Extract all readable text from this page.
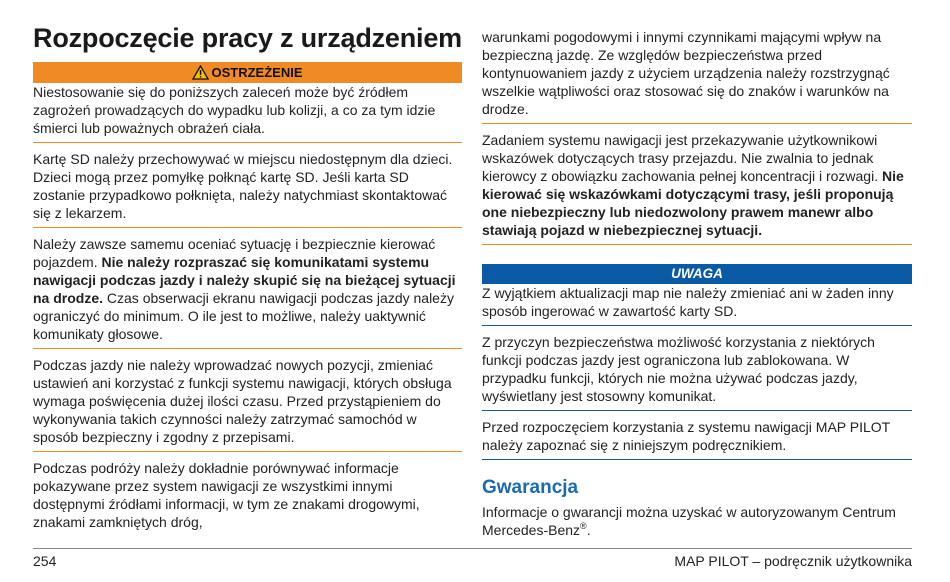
Rozpoczęcie pracy z urządzeniem
OSTRZEŻENIE

Niestosowanie się do poniższych zaleceń może być źródłem zagrożeń prowadzących do wypadku lub kolizji, a co za tym idzie śmierci lub poważnych obrażeń ciała.

Kartę SD należy przechowywać w miejscu niedostępnym dla dzieci. Dzieci mogą przez pomyłkę połknąć kartę SD. Jeśli karta SD zostanie przypadkowo połknięta, należy natychmiast skontaktować się z lekarzem.

Należy zawsze samemu oceniać sytuację i bezpiecznie kierować pojazdem. Nie należy rozpraszać się komunikatami systemu nawigacji podczas jazdy i należy skupić się na bieżącej sytuacji na drodze. Czas obserwacji ekranu nawigacji podczas jazdy należy ograniczyć do minimum. O ile jest to możliwe, należy uaktywnić komunikaty głosowe.

Podczas jazdy nie należy wprowadzać nowych pozycji, zmieniać ustawień ani korzystać z funkcji systemu nawigacji, których obsługa wymaga poświęcenia dużej ilości czasu. Przed przystąpieniem do wykonywania takich czynności należy zatrzymać samochód w sposób bezpieczny i zgodny z przepisami.

Podczas podróży należy dokładnie porównywać informacje pokazywane przez system nawigacji ze wszystkimi innymi dostępnymi źródłami informacji, w tym ze znakami drogowymi, znakami zamkniętych dróg,

warunkami pogodowymi i innymi czynnikami mającymi wpływ na bezpieczną jazdę. Ze względów bezpieczeństwa przed kontynuowaniem jazdy z użyciem urządzenia należy rozstrzygnąć wszelkie wątpliwości oraz stosować się do znaków i warunków na drodze.

Zadaniem systemu nawigacji jest przekazywanie użytkownikowi wskazówek dotyczących trasy przejazdu. Nie zwalnia to jednak kierowcy z obowiązku zachowania pełnej koncentracji i rozwagi. Nie kierować się wskazówkami dotyczącymi trasy, jeśli proponują one niebezpieczny lub niedozwolony prawem manewr albo stawiają pojazd w niebezpiecznej sytuacji.

UWAGA

Z wyjątkiem aktualizacji map nie należy zmieniać ani w żaden inny sposób ingerować w zawartość karty SD.

Z przyczyn bezpieczeństwa możliwość korzystania z niektórych funkcji podczas jazdy jest ograniczona lub zablokowana. W przypadku funkcji, których nie można używać podczas jazdy, wyświetlany jest stosowny komunikat.

Przed rozpoczęciem korzystania z systemu nawigacji MAP PILOT należy zapoznać się z niniejszym podręcznikiem.

Gwarancja

Informacje o gwarancji można uzyskać w autoryzowanym Centrum Mercedes-Benz®.

254	MAP PILOT – podręcznik użytkownika
